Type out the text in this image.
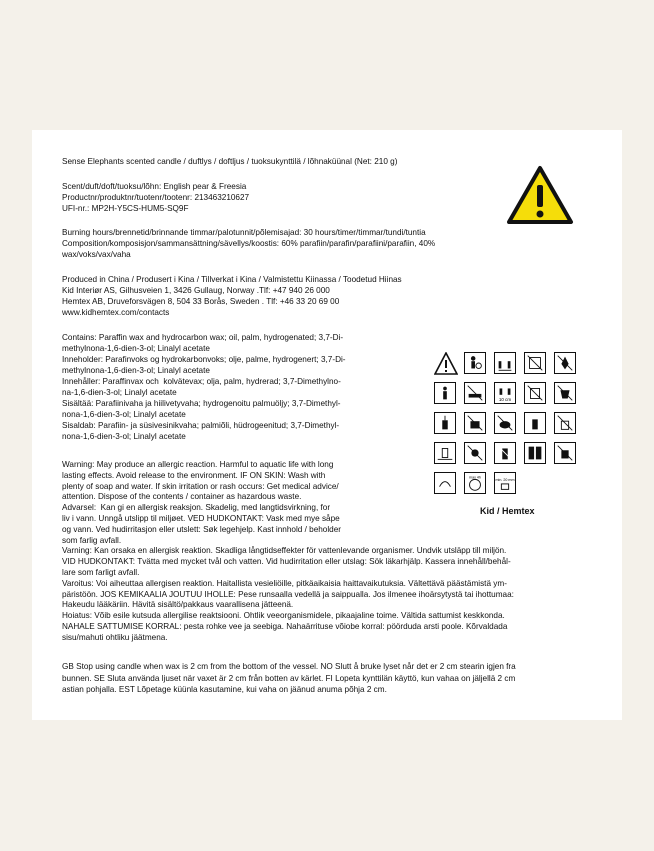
Sense Elephants scented candle / duftlys / doftljus / tuoksukynttilä / lõhnaküünal (Net: 210 g)
Scent/duft/doft/tuoksu/lõhn: English pear & Freesia
Productnr/produktnr/tuotenr/tootenr: 213463210627
UFI-nr.: MP2H-Y5CS-HUM5-SQ9F
Burning hours/brennetid/brinnande timmar/palotunnit/põlemisajad: 30 hours/timer/timmar/tundi/tuntia
Composition/komposisjon/sammansättning/sävellys/koostis: 60% parafiin/parafin/parafiini/parafiin, 40%
wax/voks/vax/vaha
Produced in China / Produsert i Kina / Tillverkat i Kina / Valmistettu Kiinassa / Toodetud Hiinas
Kid Interiør AS, Gilhusveien 1, 3426 Gullaug, Norway .Tlf: +47 940 26 000
Hemtex AB, Druveforsvägen 8, 504 33 Borås, Sweden . Tlf: +46 33 20 69 00
www.kidhemtex.com/contacts
Contains: Paraffin wax and hydrocarbon wax; oil, palm, hydrogenated; 3,7-Di-
methylnona-1,6-dien-3-ol; Linalyl acetate
Inneholder: Parafinvoks og hydrokarbonvoks; olje, palme, hydrogenert; 3,7-Di-
methylnona-1,6-dien-3-ol; Linalyl acetate
Innehåller: Paraffinvax och  kolvätevax; olja, palm, hydrerad; 3,7-Dimethylno-
na-1,6-dien-3-ol; Linalyl acetate
Sisältää: Parafiinivaha ja hiilivetyvaha; hydrogenoitu palmuöljy; 3,7-Dimethyl-
nona-1,6-dien-3-ol; Linalyl acetate
Sisaldab: Parafiin- ja süsivesinikvaha; palmiõli, hüdrogeenitud; 3,7-Dimethyl-
nona-1,6-dien-3-ol; Linalyl acetate
Warning: May produce an allergic reaction. Harmful to aquatic life with long
lasting effects. Avoid release to the environment. IF ON SKIN: Wash with
plenty of soap and water. If skin irritation or rash occurs: Get medical advice/
attention. Dispose of the contents / container as hazardous waste.
Advarsel:  Kan gi en allergisk reaksjon. Skadelig, med langtidsvirkning, for
liv i vann. Unngå utslipp til miljøet. VED HUDKONTAKT: Vask med mye såpe
og vann. Ved hudirritasjon eller utslett: Søk legehjelp. Kast innhold / beholder
som farlig avfall.
Varning: Kan orsaka en allergisk reaktion. Skadliga långtidseffekter för vattenlevande organismer. Undvik utsläpp till miljön.
VID HUDKONTAKT: Tvätta med mycket tvål och vatten. Vid hudirritation eller utslag: Sök läkarhjälp. Kassera innehåll/behål-
lare som farligt avfall.
Varoitus: Voi aiheuttaa allergisen reaktion. Haitallista vesieliöille, pitkäaikaisia haittavaikutuksia. Vältettävä päästämistä ym-
päristöön. JOS KEMIKAALIA JOUTUU IHOLLE: Pese runsaalla vedellä ja saippualla. Jos ilmenee ihoärsytystä tai ihottumaa:
Hakeudu lääkäriin. Hävitä sisältö/pakkaus vaarallisena jätteenä.
Hoiatus: Võib esile kutsuda allergilise reaktsiooni. Ohtlik veeorganismidele, pikaajaline toime. Vältida sattumist keskkonda.
NAHALE SATTUMISE KORRAL: pesta rohke vee ja seebiga. Nahaärrituse võiobe korral: pöörduda arsti poole. Kõrvaldada
sisu/mahuti ohtliku jäätmena.
GB Stop using candle when wax is 2 cm from the bottom of the vessel. NO Slutt å bruke lyset når det er 2 cm stearin igjen fra
bunnen. SE Sluta använda ljuset när vaxet är 2 cm från botten av kärlet. FI Lopeta kynttilän käyttö, kun vahaa on jäljellä 2 cm
astian pohjalla. EST Lõpetage küünla kasutamine, kui vaha on jäänud anuma põhja 2 cm.
10 cm
max 4h
min. 20 mm
Kid / Hemtex
